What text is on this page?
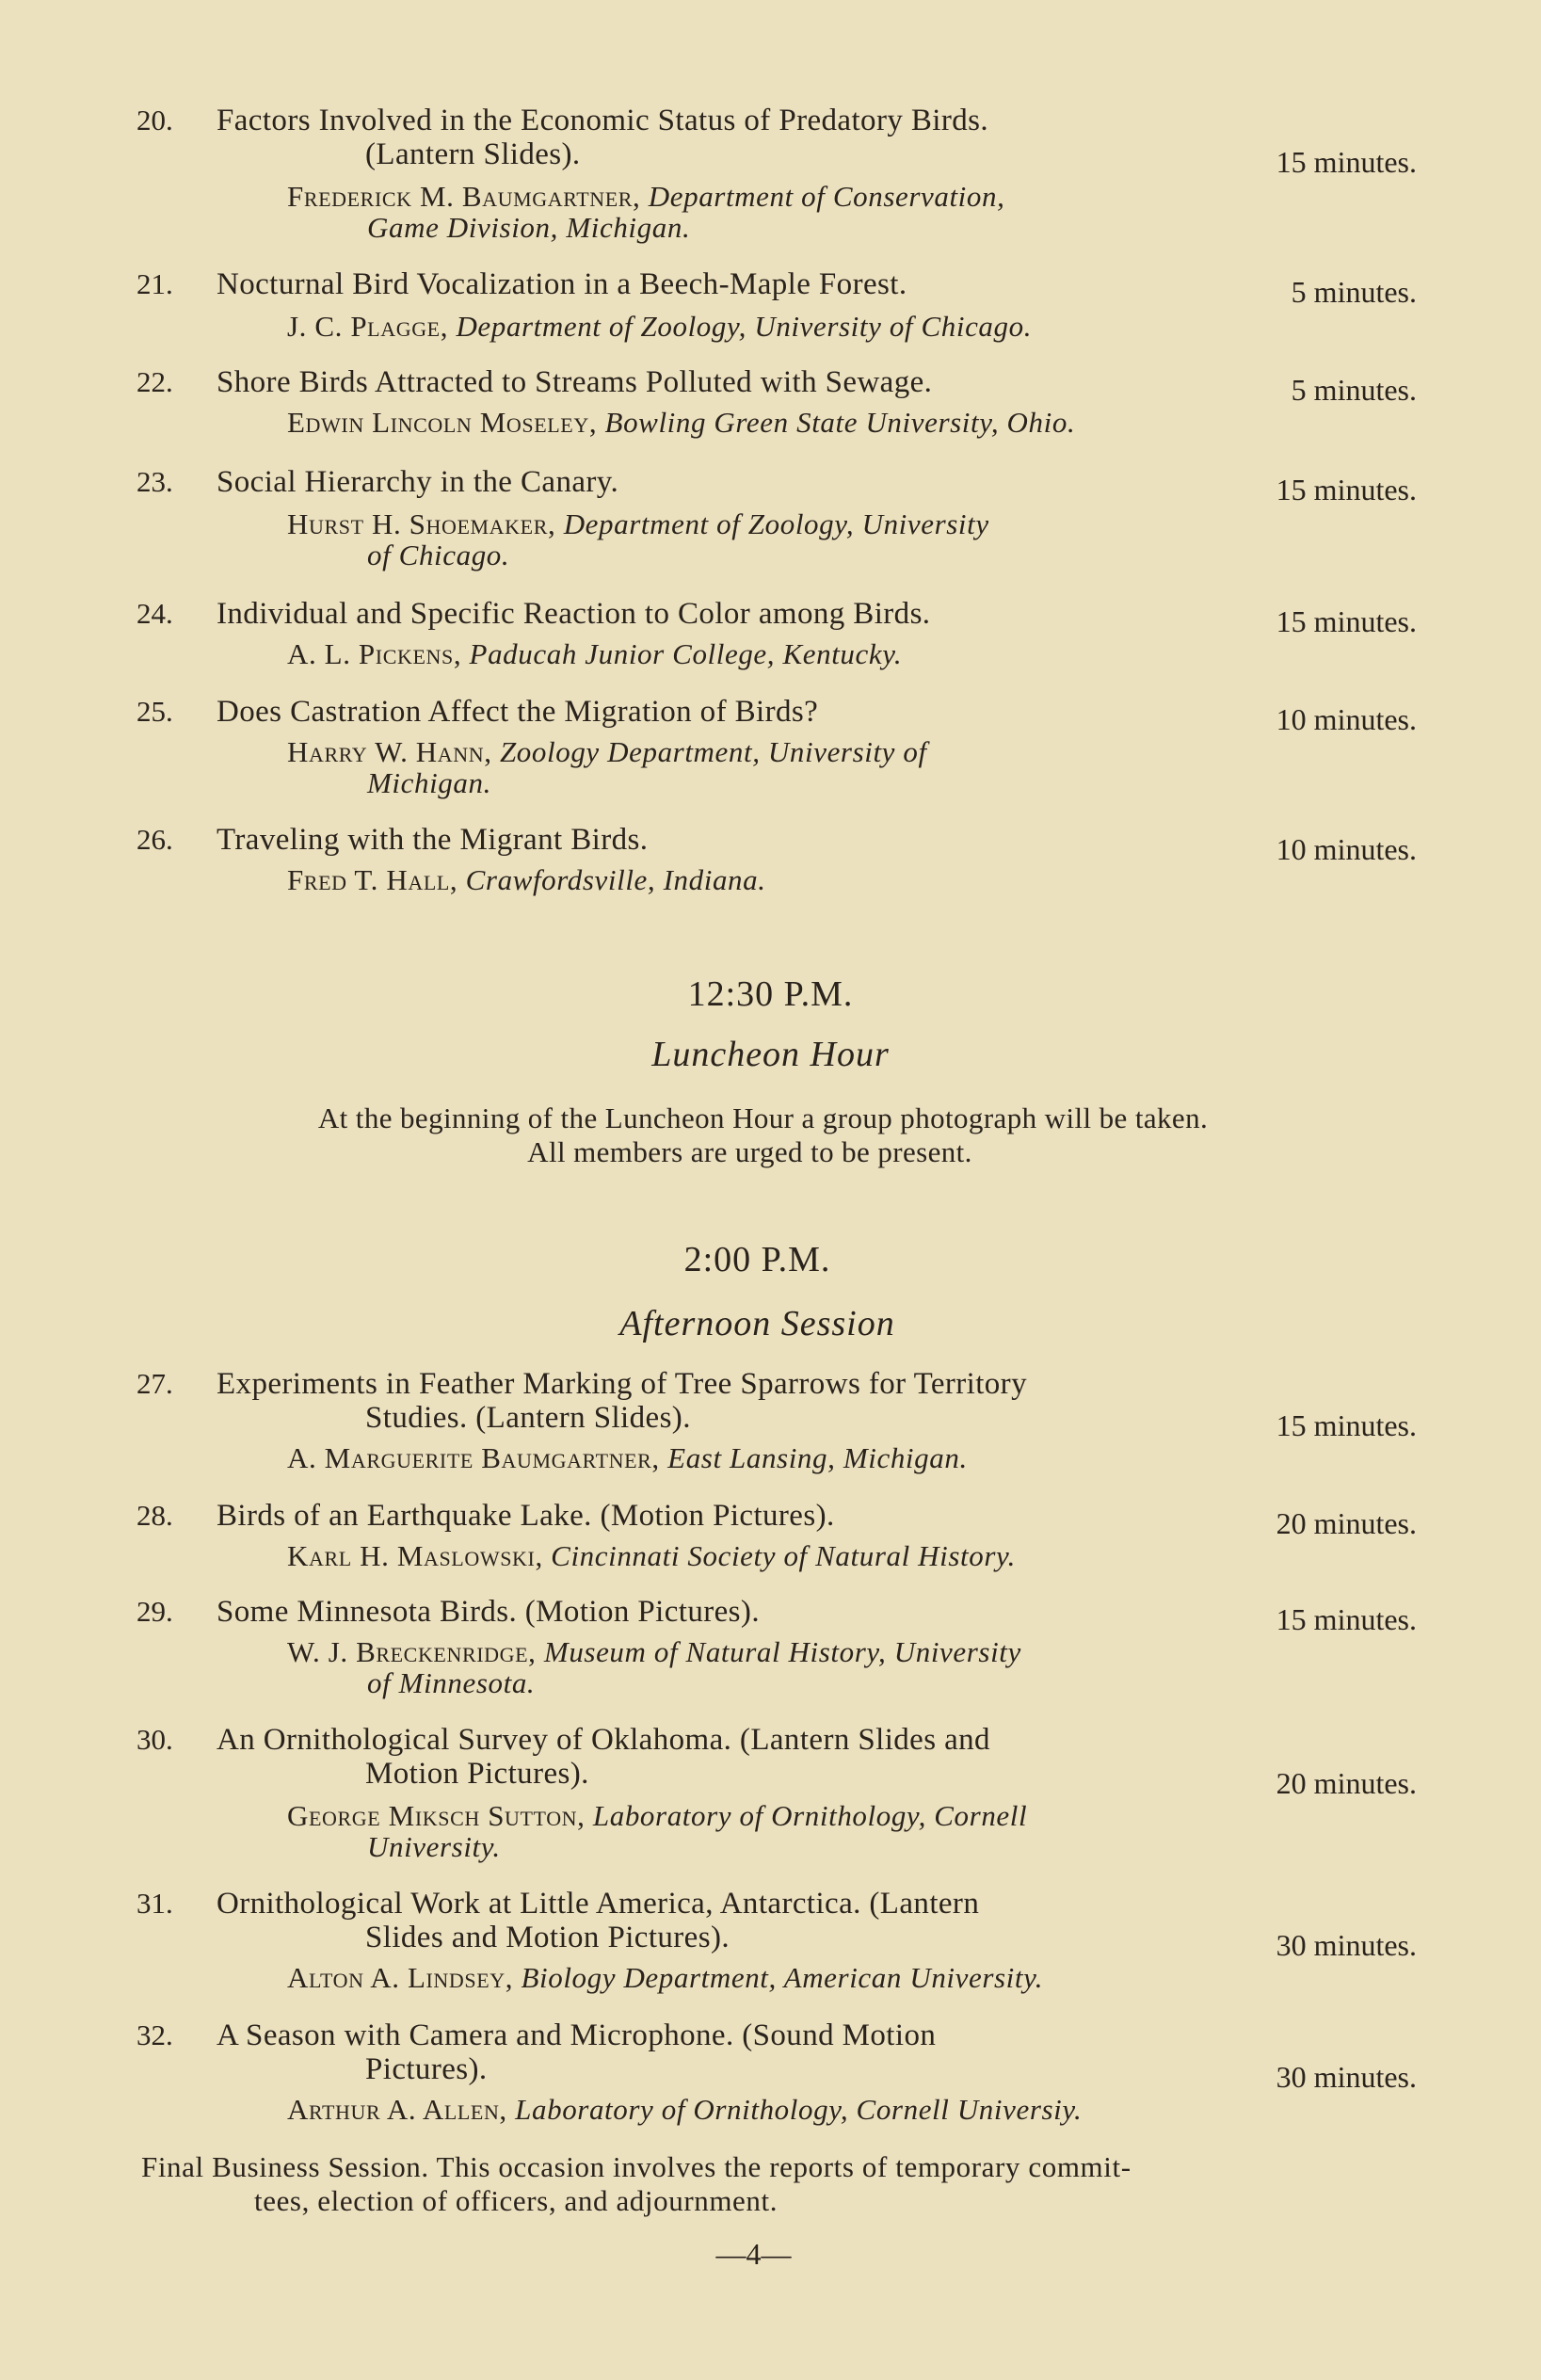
20.	Factors Involved in the Economic Status of Predatory Birds.
(Lantern Slides).	15 minutes.
Frederick M. Baumgartner, Department of Conservation,
Game Division, Michigan.
21.	Nocturnal Bird Vocalization in a Beech-Maple Forest.	5 minutes.
J. C. Plagge, Department of Zoology, University of Chicago.
22.	Shore Birds Attracted to Streams Polluted with Sewage.	5 minutes.
Edwin Lincoln Moseley, Bowling Green State University, Ohio.
23.	Social Hierarchy in the Canary.	15 minutes.
Hurst H. Shoemaker, Department of Zoology, University
of Chicago.
24.	Individual and Specific Reaction to Color among Birds.	15 minutes.
A. L. Pickens, Paducah Junior College, Kentucky.
25.	Does Castration Affect the Migration of Birds?	10 minutes.
Harry W. Hann, Zoology Department, University of
Michigan.
26.	Traveling with the Migrant Birds.	10 minutes.
Fred T. Hall, Crawfordsville, Indiana.
12:30 P.M.
Luncheon Hour
At the beginning of the Luncheon Hour a group photograph will be taken.
All members are urged to be present.
2:00 P.M.
Afternoon Session
27.	Experiments in Feather Marking of Tree Sparrows for Territory
Studies. (Lantern Slides).	15 minutes.
A. Marguerite Baumgartner, East Lansing, Michigan.
28.	Birds of an Earthquake Lake. (Motion Pictures).	20 minutes.
Karl H. Maslowski, Cincinnati Society of Natural History.
29.	Some Minnesota Birds. (Motion Pictures).	15 minutes.
W. J. Breckenridge, Museum of Natural History, University
of Minnesota.
30.	An Ornithological Survey of Oklahoma. (Lantern Slides and
Motion Pictures).	20 minutes.
George Miksch Sutton, Laboratory of Ornithology, Cornell
University.
31.	Ornithological Work at Little America, Antarctica. (Lantern
Slides and Motion Pictures).	30 minutes.
Alton A. Lindsey, Biology Department, American University.
32.	A Season with Camera and Microphone. (Sound Motion
Pictures).	30 minutes.
Arthur A. Allen, Laboratory of Ornithology, Cornell Universiy.
Final Business Session. This occasion involves the reports of temporary commit-
tees, election of officers, and adjournment.
—4—
